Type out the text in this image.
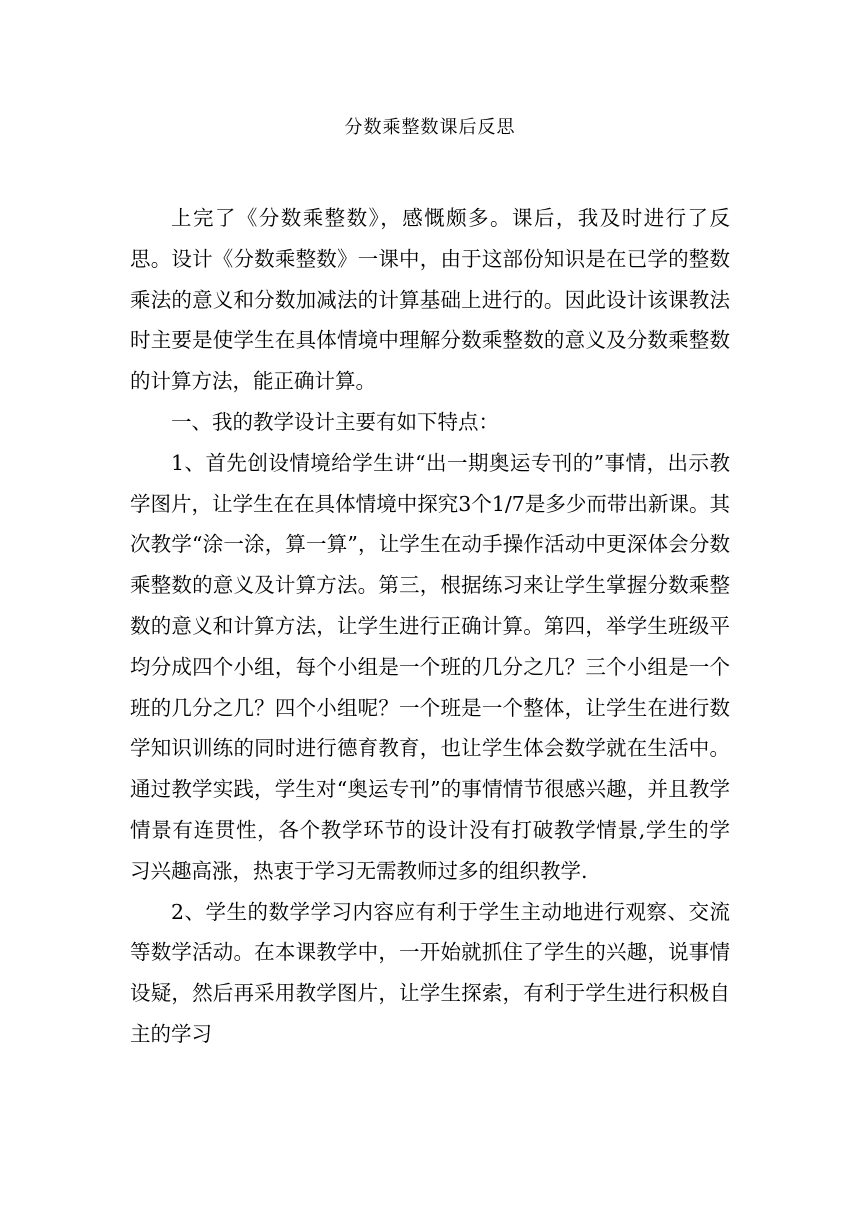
分数乘整数课后反思

上完了《分数乘整数》，感慨颇多。课后，我及时进行了反思。设计《分数乘整数》一课中，由于这部份知识是在已学的整数乘法的意义和分数加减法的计算基础上进行的。因此设计该课教法时主要是使学生在具体情境中理解分数乘整数的意义及分数乘整数的计算方法，能正确计算。

一、我的教学设计主要有如下特点：

1、首先创设情境给学生讲“出一期奥运专刊的”事情，出示教学图片，让学生在在具体情境中探究3个1/7是多少而带出新课。其次教学“涂一涂，算一算”，让学生在动手操作活动中更深体会分数乘整数的意义及计算方法。第三，根据练习来让学生掌握分数乘整数的意义和计算方法，让学生进行正确计算。第四，举学生班级平均分成四个小组，每个小组是一个班的几分之几？三个小组是一个班的几分之几？四个小组呢？一个班是一个整体，让学生在进行数学知识训练的同时进行德育教育，也让学生体会数学就在生活中。通过教学实践，学生对“奥运专刊”的事情情节很感兴趣，并且教学情景有连贯性，各个教学环节的设计没有打破教学情景,学生的学习兴趣高涨，热衷于学习无需教师过多的组织教学.

2、学生的数学学习内容应有利于学生主动地进行观察、交流等数学活动。在本课教学中，一开始就抓住了学生的兴趣，说事情设疑，然后再采用教学图片，让学生探索，有利于学生进行积极自主的学习
